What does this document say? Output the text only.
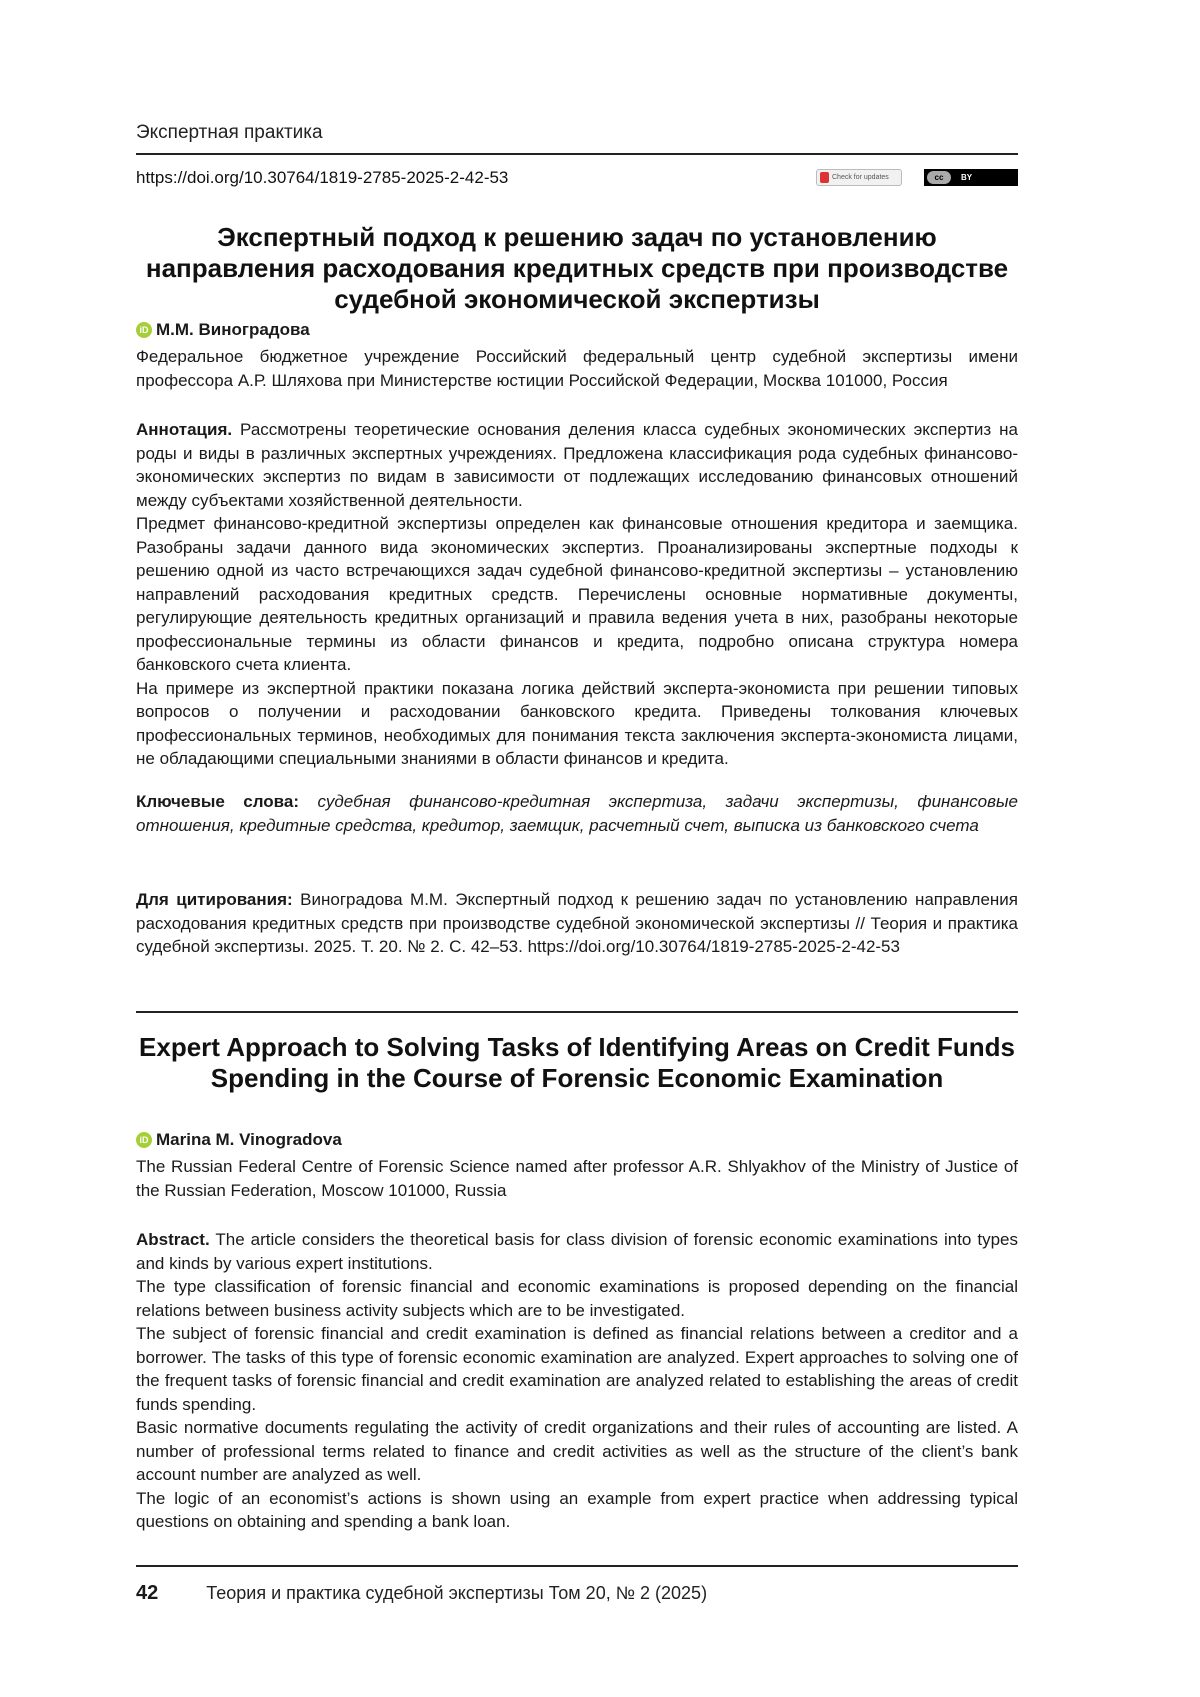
Экспертная практика
https://doi.org/10.30764/1819-2785-2025-2-42-53	Check for updates	cc	BY
Экспертный подход к решению задач по установлению направления расходования кредитных средств при производстве судебной экономической экспертизы
iD М.М. Виноградова
Федеральное бюджетное учреждение Российский федеральный центр судебной экспертизы имени профессора А.Р. Шляхова при Министерстве юстиции Российской Федерации, Москва 101000, Россия

Аннотация. Рассмотрены теоретические основания деления класса судебных экономических экспертиз на роды и виды в различных экспертных учреждениях. Предложена классификация рода судебных финансово-экономических экспертиз по видам в зависимости от подлежащих исследованию финансовых отношений между субъектами хозяйственной деятельности.

Предмет финансово-кредитной экспертизы определен как финансовые отношения кредитора и заемщика. Разобраны задачи данного вида экономических экспертиз. Проанализированы экспертные подходы к решению одной из часто встречающихся задач судебной финансово-кредитной экспертизы – установлению направлений расходования кредитных средств. Перечислены основные нормативные документы, регулирующие деятельность кредитных организаций и правила ведения учета в них, разобраны некоторые профессиональные термины из области финансов и кредита, подробно описана структура номера банковского счета клиента.

На примере из экспертной практики показана логика действий эксперта-экономиста при решении типовых вопросов о получении и расходовании банковского кредита. Приведены толкования ключевых профессиональных терминов, необходимых для понимания текста заключения эксперта-экономиста лицами, не обладающими специальными знаниями в области финансов и кредита.

Ключевые слова: судебная финансово-кредитная экспертиза, задачи экспертизы, финансовые отношения, кредитные средства, кредитор, заемщик, расчетный счет, выписка из банковского счета

Для цитирования: Виноградова М.М. Экспертный подход к решению задач по установлению направления расходования кредитных средств при производстве судебной экономической экспертизы // Теория и практика судебной экспертизы. 2025. Т. 20. № 2. С. 42–53. https://doi.org/10.30764/1819-2785-2025-2-42-53

Expert Approach to Solving Tasks of Identifying Areas on Credit Funds Spending in the Course of Forensic Economic Examination
iD Marina M. Vinogradova
The Russian Federal Centre of Forensic Science named after professor A.R. Shlyakhov of the Ministry of Justice of the Russian Federation, Moscow 101000, Russia

Abstract. The article considers the theoretical basis for class division of forensic economic examinations into types and kinds by various expert institutions.

The type classification of forensic financial and economic examinations is proposed depending on the financial relations between business activity subjects which are to be investigated.

The subject of forensic financial and credit examination is defined as financial relations between a creditor and a borrower. The tasks of this type of forensic economic examination are analyzed. Expert approaches to solving one of the frequent tasks of forensic financial and credit examination are analyzed related to establishing the areas of credit funds spending.

Basic normative documents regulating the activity of credit organizations and their rules of accounting are listed. A number of professional terms related to finance and credit activities as well as the structure of the client’s bank account number are analyzed as well.

The logic of an economist’s actions is shown using an example from expert practice when addressing typical questions on obtaining and spending a bank loan.

42	Теория и практика судебной экспертизы Том 20, № 2 (2025)
